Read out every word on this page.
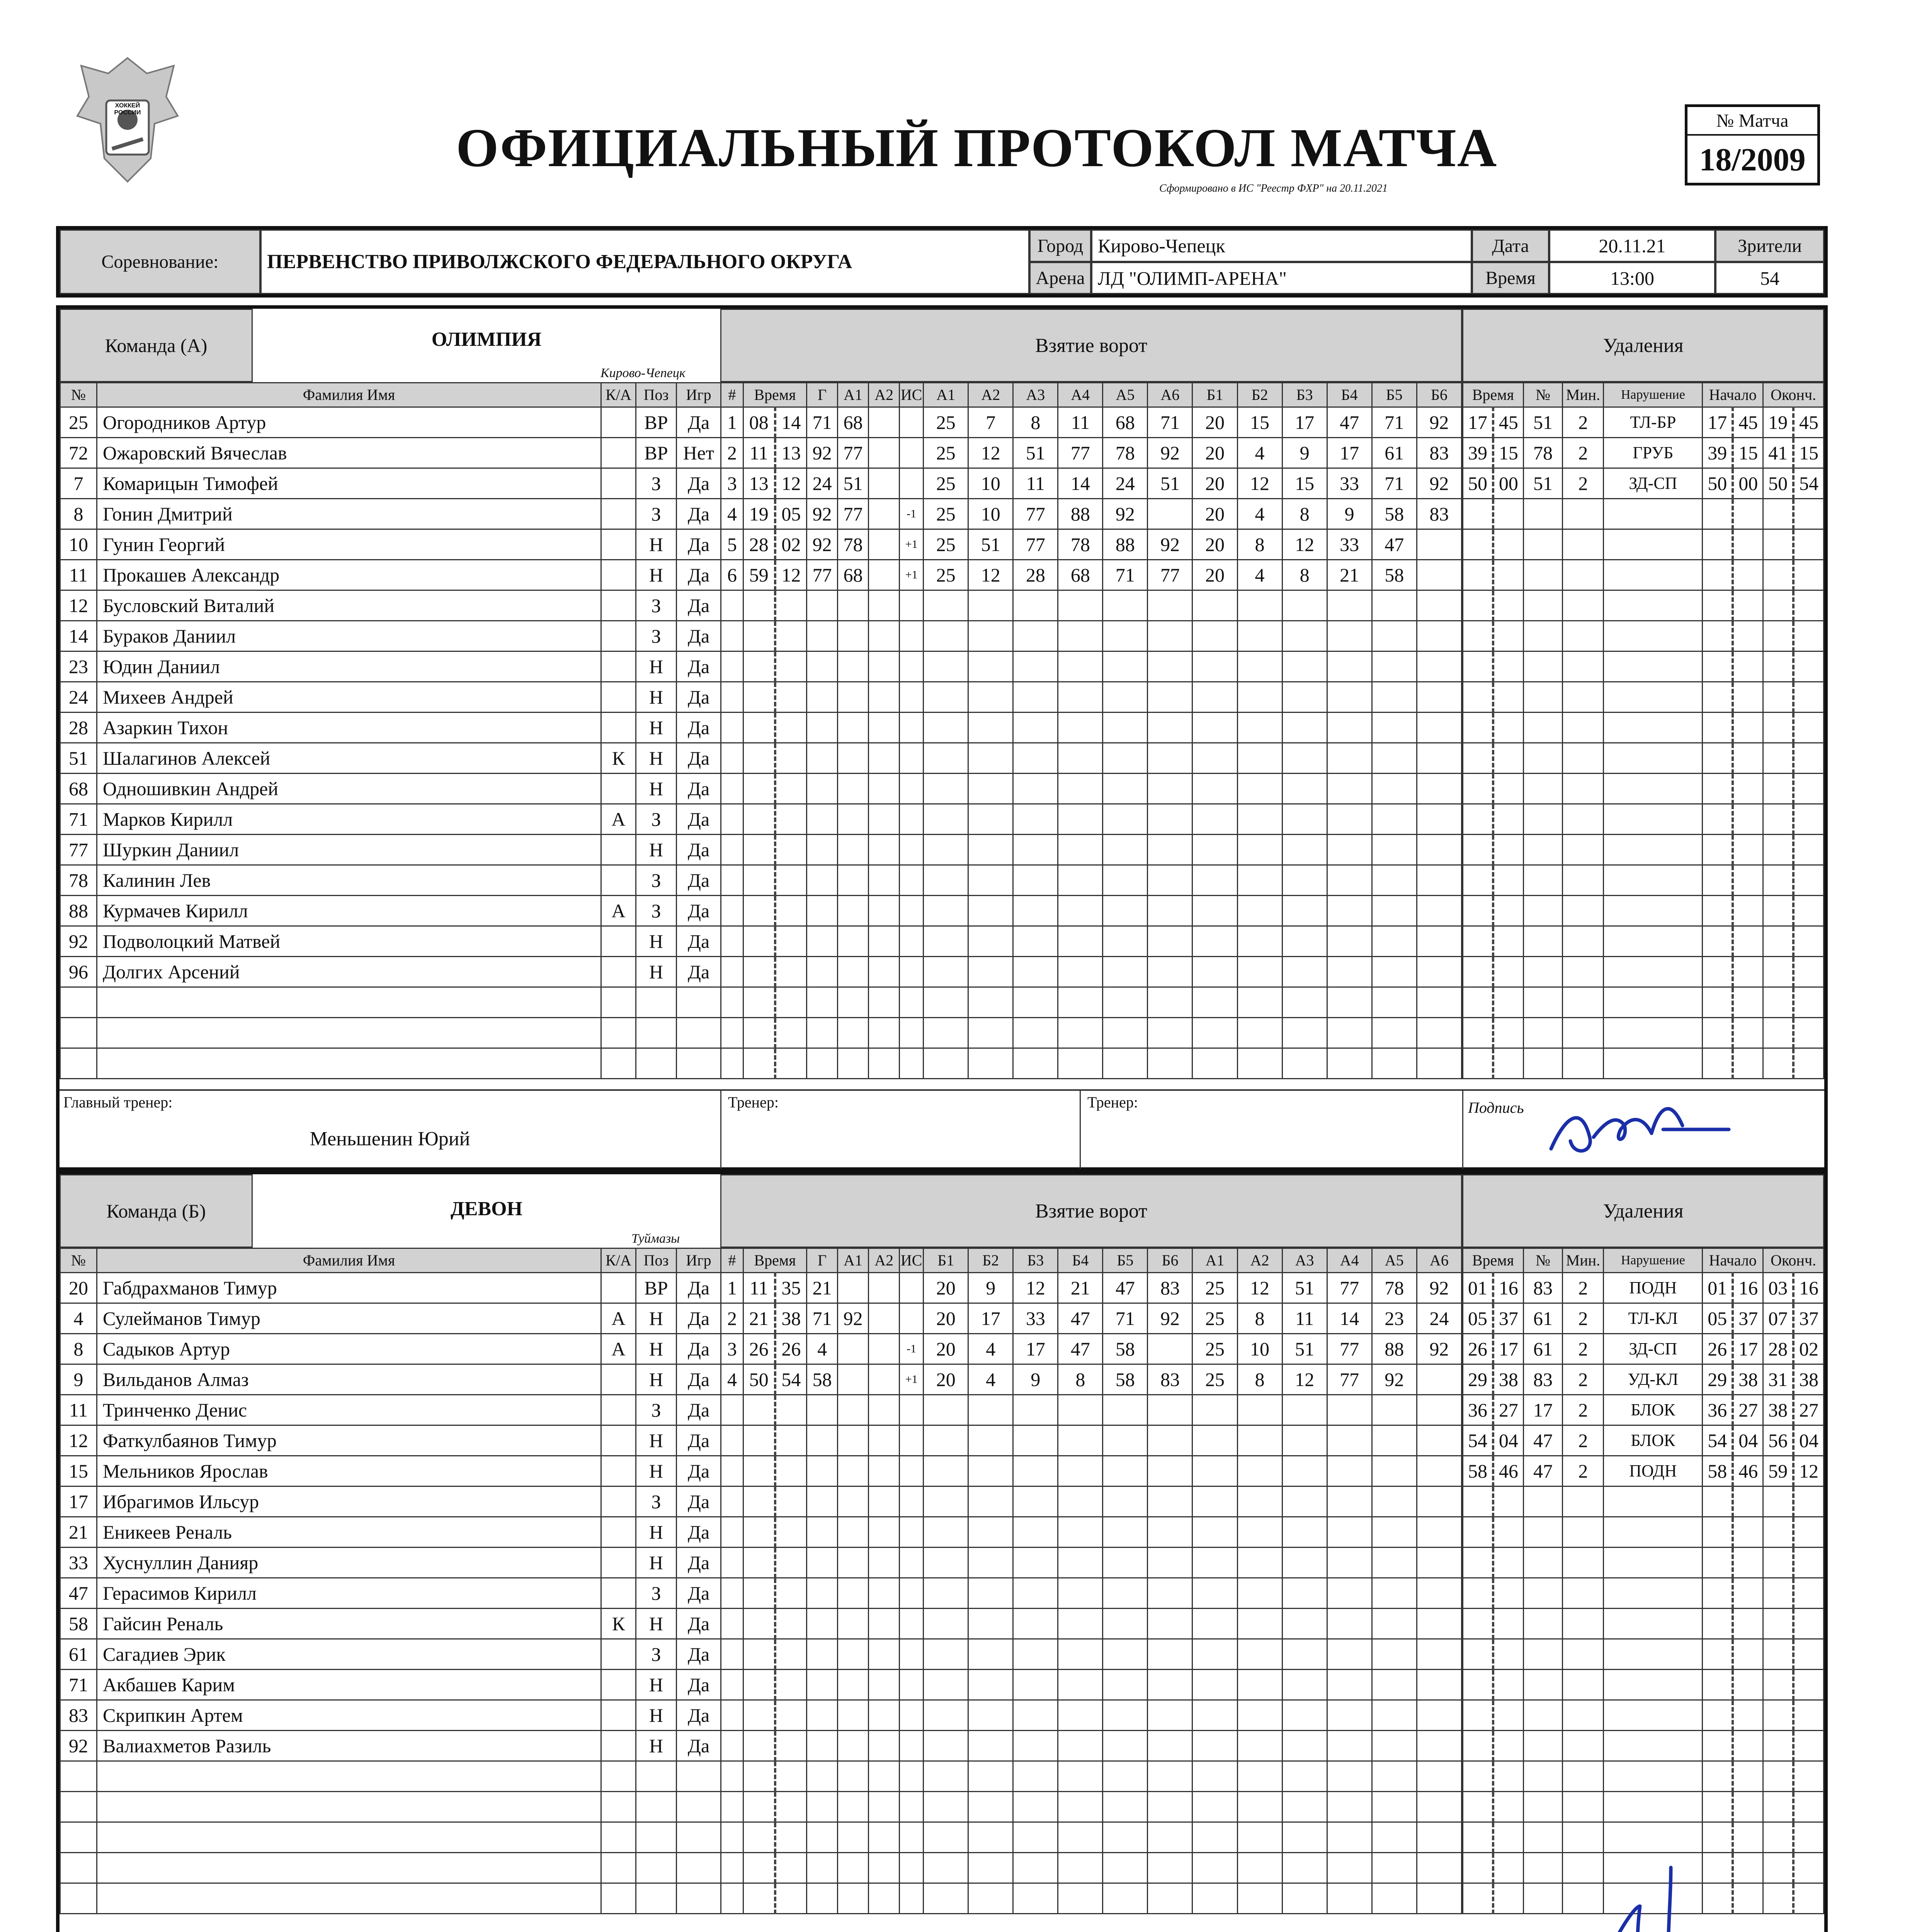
ХОККЕЙ РОССИИ
ОФИЦИАЛЬНЫЙ ПРОТОКОЛ МАТЧА
Сформировано в ИС "Реестр ФХР" на 20.11.2021
№ Матча
18/2009
Соревнование:	ПЕРВЕНСТВО ПРИВОЛЖСКОГО ФЕДЕРАЛЬНОГО ОКРУГА
Город Кирово-Чепецк
Арена ЛД "ОЛИМП-АРЕНА"
Дата	20.11.21
Время	13:00
Зрители
54
Команда (А)	ОЛИМПИЯ
Кирово-Чепецк
№	Фамилия Имя	К/А	Поз	Игр
25	Огородников Артур		ВР	Да
72	Ожаровский Вячеслав		ВР	Нет
7	Комарицын Тимофей		З	Да
8	Гонин Дмитрий		З	Да
10	Гунин Георгий		Н	Да
11	Прокашев Александр		Н	Да
12	Бусловский Виталий		З	Да
14	Бураков Даниил		З	Да
23	Юдин Даниил		Н	Да
24	Михеев Андрей		Н	Да
28	Азаркин Тихон		Н	Да
51	Шалагинов Алексей	К	Н	Да
68	Одношивкин Андрей		Н	Да
71	Марков Кирилл	А	З	Да
77	Шуркин Даниил		Н	Да
78	Калинин Лев		З	Да
88	Курмачев Кирилл	А	З	Да
92	Подволоцкий Матвей		Н	Да
96	Долгих Арсений		Н	Да

Взятие ворот
#	Время		Г	А1	А2	ИС	А1	А2	А3	А4	А5	А6	Б1	Б2	Б3	Б4	Б5	Б6
1	08	14	71	68			25	7	8	11	68	71	20	15	17	47	71	92
2	11	13	92	77			25	12	51	77	78	92	20	4	9	17	61	83
3	13	12	24	51			25	10	11	14	24	51	20	12	15	33	71	92
4	19	05	92	77		-1	25	10	77	88	92		20	4	8	9	58	83
5	28	02	92	78		+1	25	51	77	78	88	92	20	8	12	33	47	
6	59	12	77	68		+1	25	12	28	68	71	77	20	4	8	21	58	

Удаления
Время		№	Мин.	Нарушение	Начало		Оконч.	
17	45	51	2	ТЛ-БР	17	45	19	45
39	15	78	2	ГРУБ	39	15	41	15
50	00	51	2	ЗД-СП	50	00	50	54

Главный тренер:
Меньшенин Юрий
Тренер:	Тренер:	Подпись
Команда (Б)	ДЕВОН
Туймазы
№	Фамилия Имя	К/А	Поз	Игр
20	Габдрахманов Тимур		ВР	Да
4	Сулейманов Тимур	А	Н	Да
8	Садыков Артур	А	Н	Да
9	Вильданов Алмаз		Н	Да
11	Тринченко Денис		З	Да
12	Фаткулбаянов Тимур		Н	Да
15	Мельников Ярослав		Н	Да
17	Ибрагимов Ильсур		З	Да
21	Еникеев Реналь		Н	Да
33	Хуснуллин Данияр		Н	Да
47	Герасимов Кирилл		З	Да
58	Гайсин Реналь	К	Н	Да
61	Сагадиев Эрик		З	Да
71	Акбашев Карим		Н	Да
83	Скрипкин Артем		Н	Да
92	Валиахметов Разиль		Н	Да

Взятие ворот
#	Время		Г	А1	А2	ИС	Б1	Б2	Б3	Б4	Б5	Б6	А1	А2	А3	А4	А5	А6
1	11	35	21				20	9	12	21	47	83	25	12	51	77	78	92
2	21	38	71	92			20	17	33	47	71	92	25	8	11	14	23	24
3	26	26	4			-1	20	4	17	47	58		25	10	51	77	88	92
4	50	54	58			+1	20	4	9	8	58	83	25	8	12	77	92	

Удаления
Время		№	Мин.	Нарушение	Начало		Оконч.	
01	16	83	2	ПОДН	01	16	03	16
05	37	61	2	ТЛ-КЛ	05	37	07	37
26	17	61	2	ЗД-СП	26	17	28	02
29	38	83	2	УД-КЛ	29	38	31	38
36	27	17	2	БЛОК	36	27	38	27
54	04	47	2	БЛОК	54	04	56	04
58	46	47	2	ПОДН	58	46	59	12
